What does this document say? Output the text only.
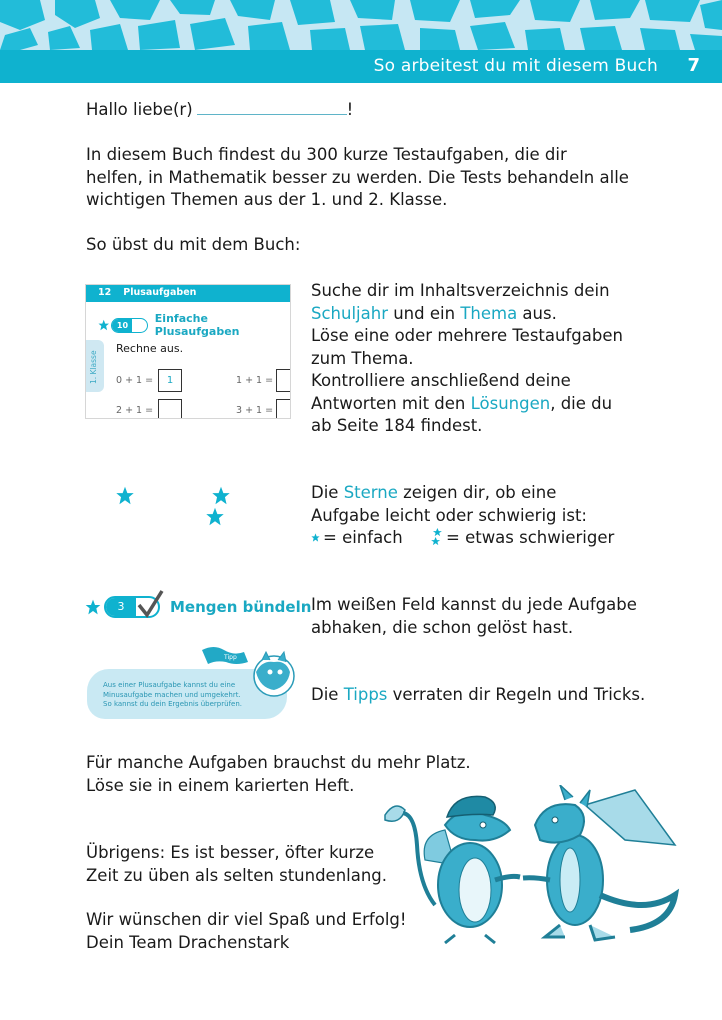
So arbeitest du mit diesem Buch 7
Hallo liebe(r)	!
In diesem Buch findest du 300 kurze Testaufgaben, die dir
helfen, in Mathematik besser zu werden. Die Tests behandeln alle
wichtigen Themen aus der 1. und 2. Klasse.
So übst du mit dem Buch:
12 Plusaufgaben
10	Einfache Plusaufgaben
1. Klasse
Rechne aus.
0 + 1 =	1	1 + 1 =
2 + 1 =	3 + 1 =
Suche dir im Inhaltsverzeichnis dein
Schuljahr und ein Thema aus.
Löse eine oder mehrere Testaufgaben
zum Thema.
Kontrolliere anschließend deine
Antworten mit den Lösungen, die du
ab Seite 184 findest.
Die Sterne zeigen dir, ob eine
Aufgabe leicht oder schwierig ist:
= einfach	= etwas schwieriger
3	Mengen bündeln Im weißen Feld kannst du jede Aufgabe
abhaken, die schon gelöst hast.
Aus einer Plusaufgabe kannst du eine
Minusaufgabe machen und umgekehrt.
So kannst du dein Ergebnis überprüfen.
Tipp
Die Tipps verraten dir Regeln und Tricks.
Für manche Aufgaben brauchst du mehr Platz.
Löse sie in einem karierten Heft.
Übrigens: Es ist besser, öfter kurze
Zeit zu üben als selten stundenlang.
Wir wünschen dir viel Spaß und Erfolg!
Dein Team Drachenstark
